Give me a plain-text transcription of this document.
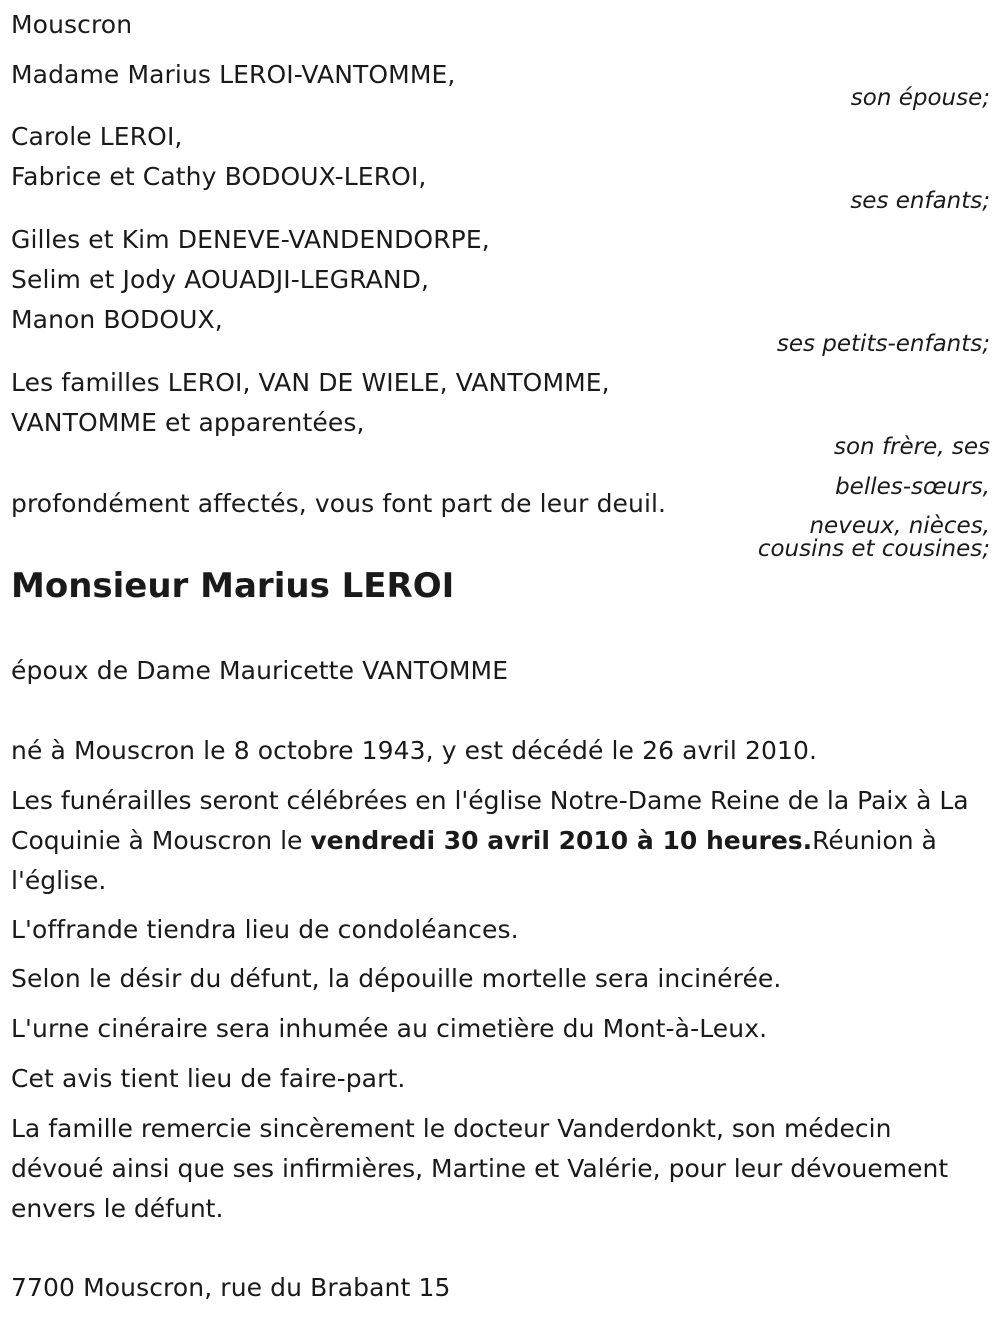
Mouscron
Madame Marius LEROI-VANTOMME,
son épouse;
Carole LEROI,
Fabrice et Cathy BODOUX-LEROI,
ses enfants;
Gilles et Kim DENEVE-VANDENDORPE,
Selim et Jody AOUADJI-LEGRAND,
Manon BODOUX,
ses petits-enfants;
Les familles LEROI, VAN DE WIELE, VANTOMME,
VANTOMME et apparentées,
son frère, ses
belles-sœurs,
neveux, nièces,
cousins et cousines;
profondément affectés, vous font part de leur deuil.
Monsieur Marius LEROI
époux de Dame Mauricette VANTOMME
né à Mouscron le 8 octobre 1943, y est décédé le 26 avril 2010.
Les funérailles seront célébrées en l'église Notre-Dame Reine de la Paix à La Coquinie à Mouscron le vendredi 30 avril 2010 à 10 heures.Réunion à l'église.
L'offrande tiendra lieu de condoléances.
Selon le désir du défunt, la dépouille mortelle sera incinérée.
L'urne cinéraire sera inhumée au cimetière du Mont-à-Leux.
Cet avis tient lieu de faire-part.
La famille remercie sincèrement le docteur Vanderdonkt, son médecin dévoué ainsi que ses infirmières, Martine et Valérie, pour leur dévouement envers le défunt.
7700 Mouscron, rue du Brabant 15
